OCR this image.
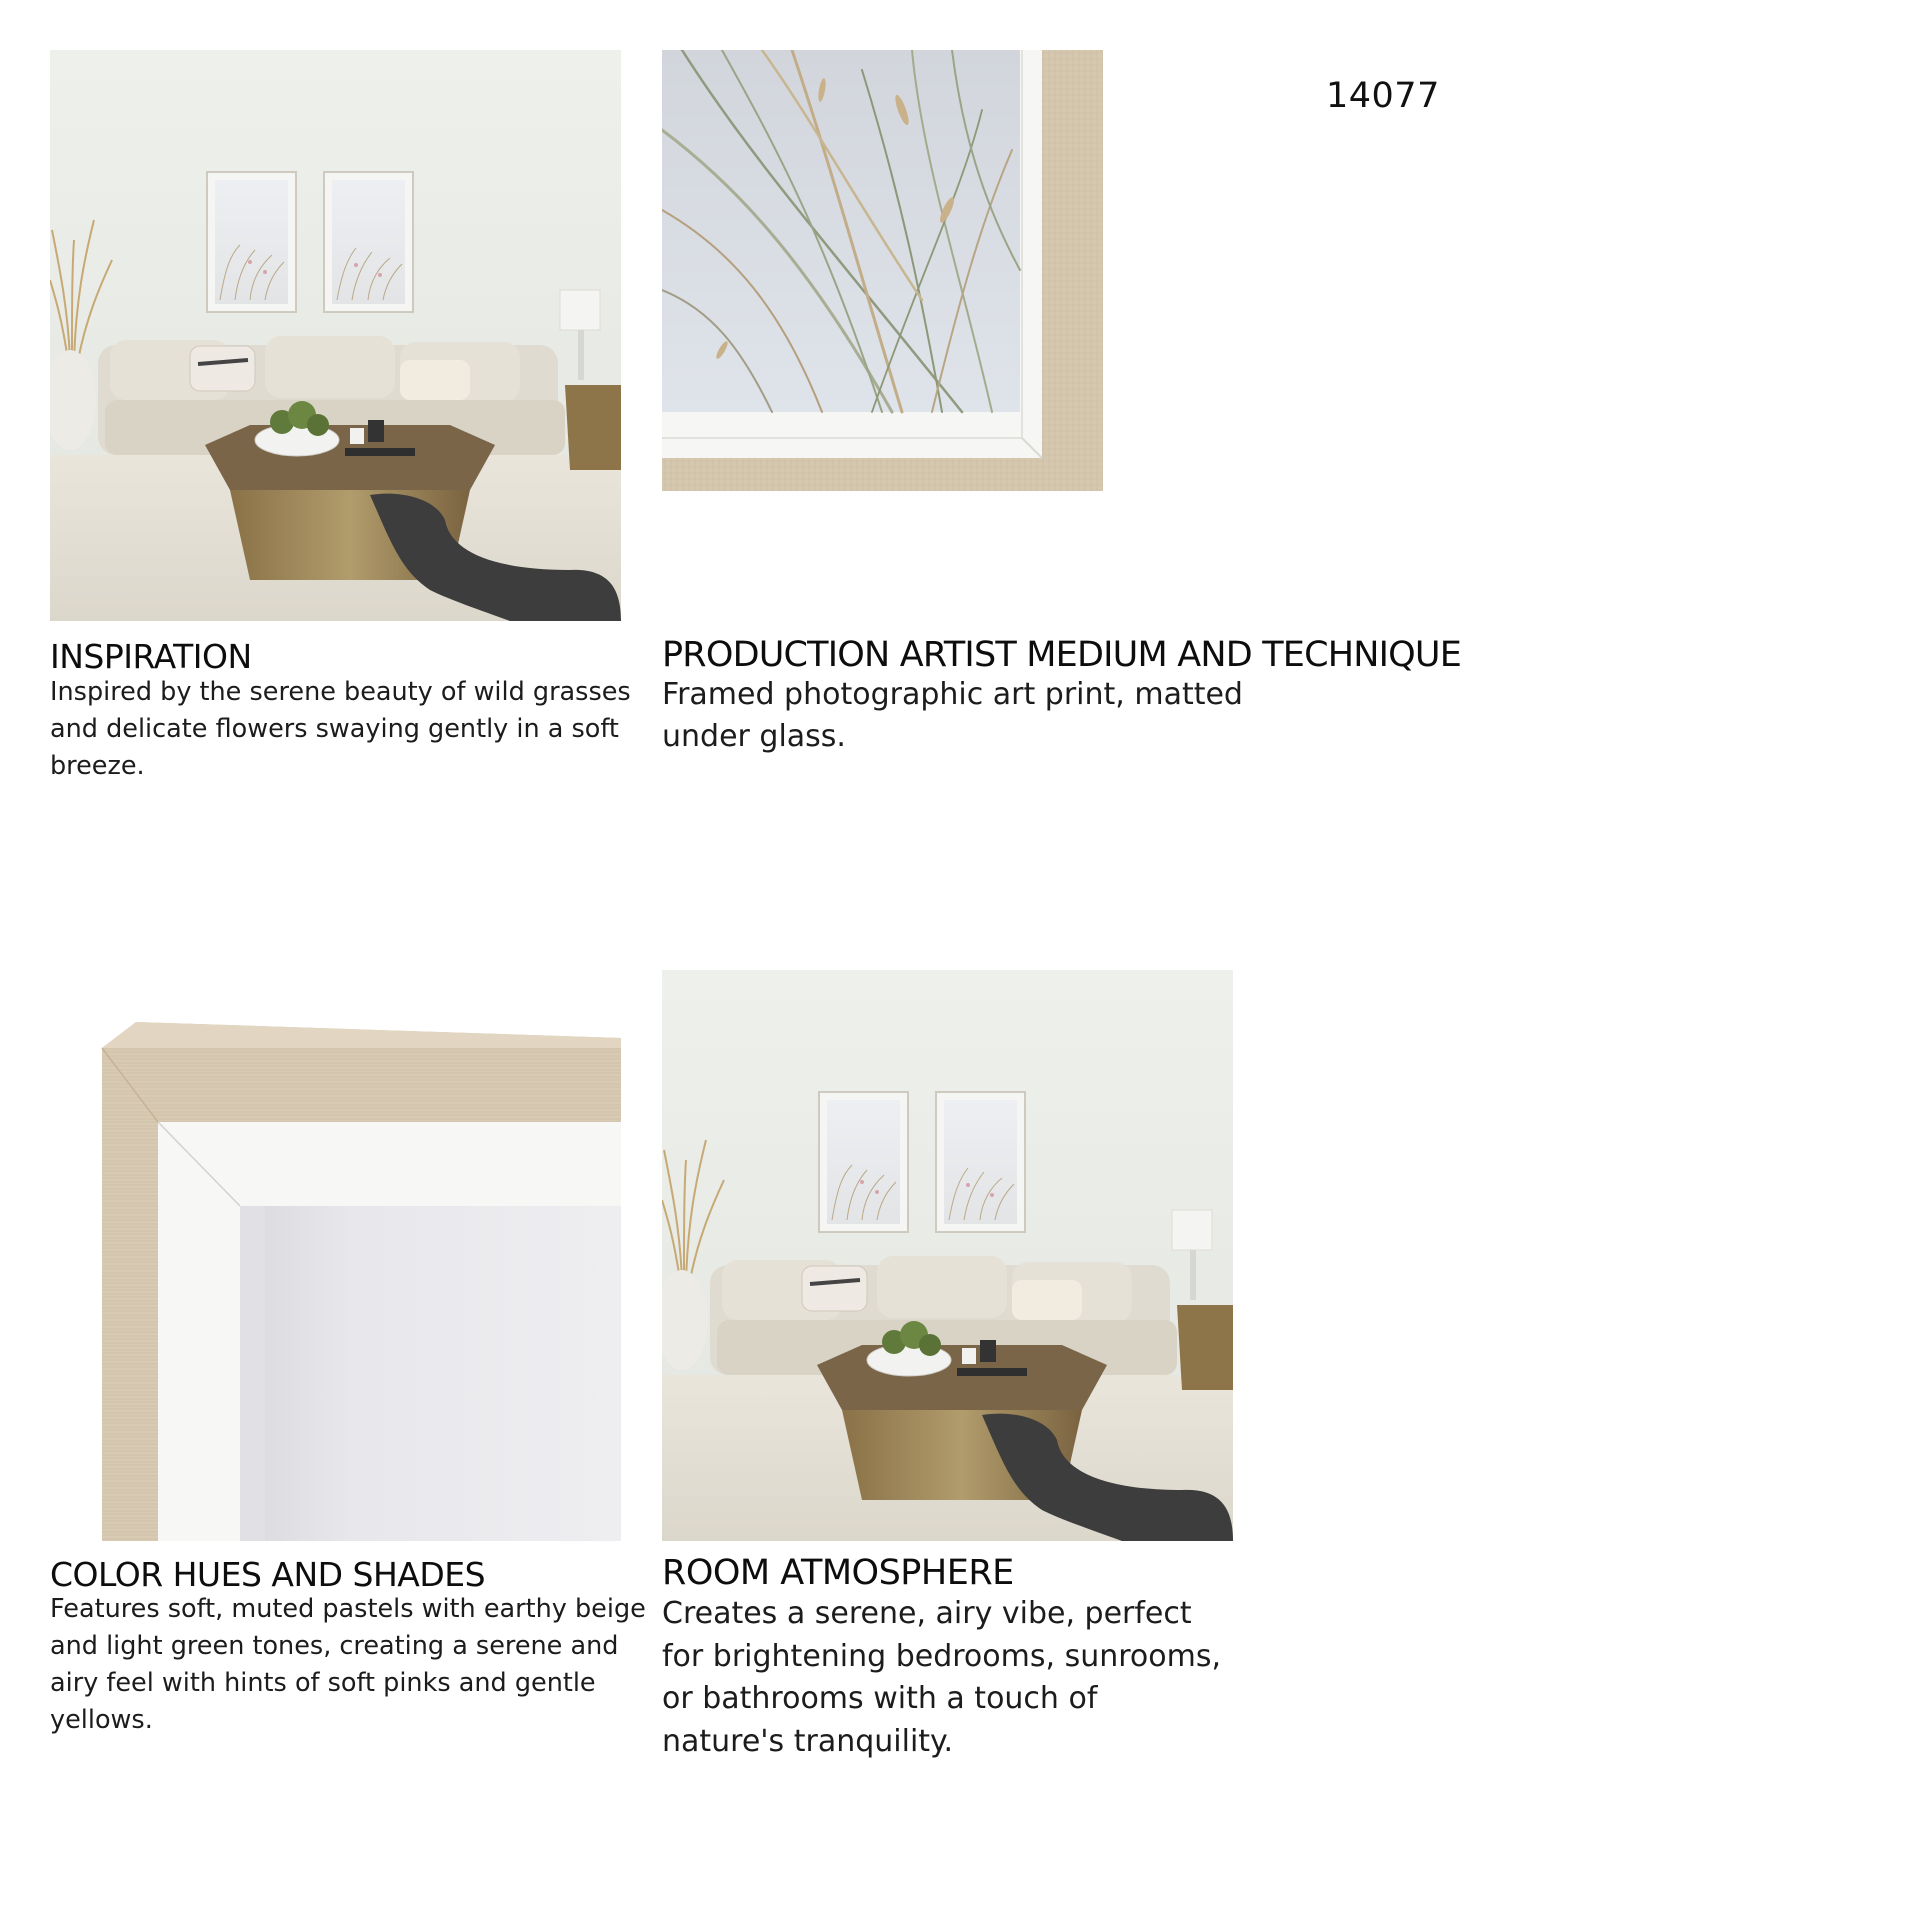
14077
INSPIRATION

Inspired by the serene beauty of wild grasses and delicate flowers swaying gently in a soft breeze.

PRODUCTION ARTIST MEDIUM AND TECHNIQUE

Framed photographic art print, matted under glass.

COLOR HUES AND SHADES

Features soft, muted pastels with earthy beige and light green tones, creating a serene and airy feel with hints of soft pinks and gentle yellows.

ROOM ATMOSPHERE

Creates a serene, airy vibe, perfect for brightening bedrooms, sunrooms, or bathrooms with a touch of nature's tranquility.
